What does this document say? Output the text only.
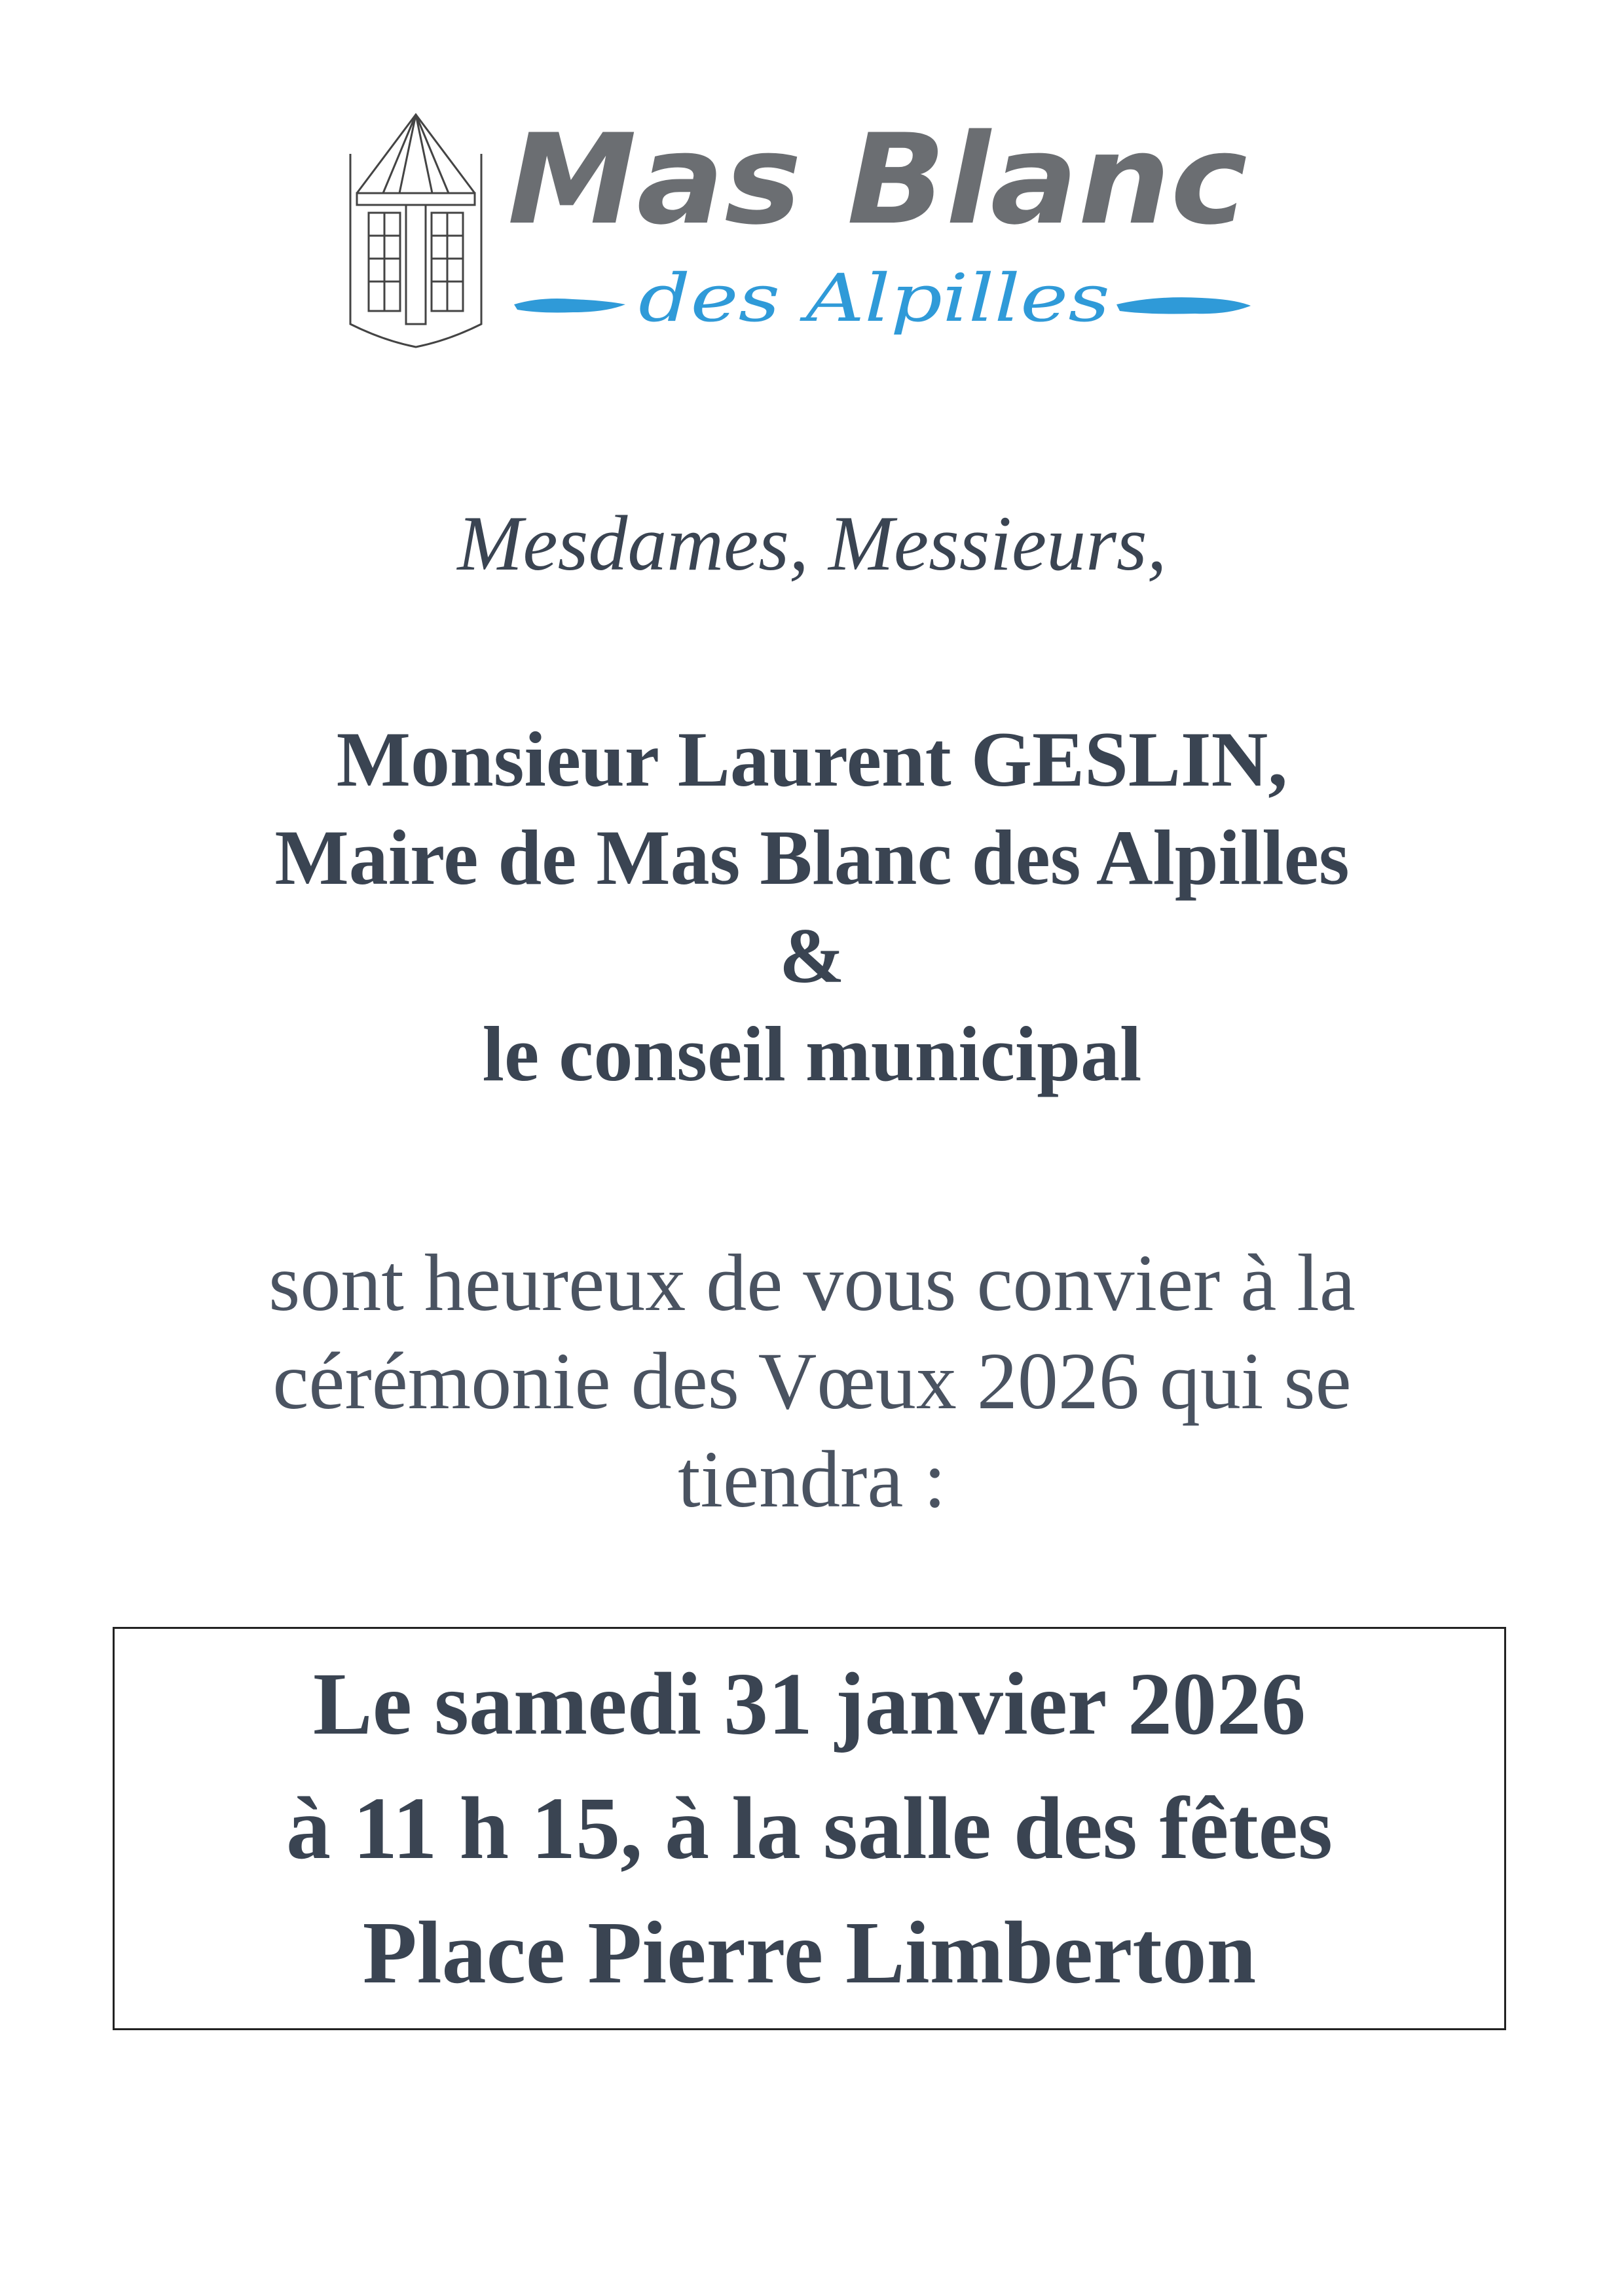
Mas Blanc
des Alpilles
Mesdames, Messieurs,
Monsieur Laurent GESLIN,
Maire de Mas Blanc des Alpilles
&
le conseil municipal
sont heureux de vous convier à la
cérémonie des Vœux 2026 qui se
tiendra :
Le samedi 31 janvier 2026
à 11 h 15, à la salle des fêtes
Place Pierre Limberton
